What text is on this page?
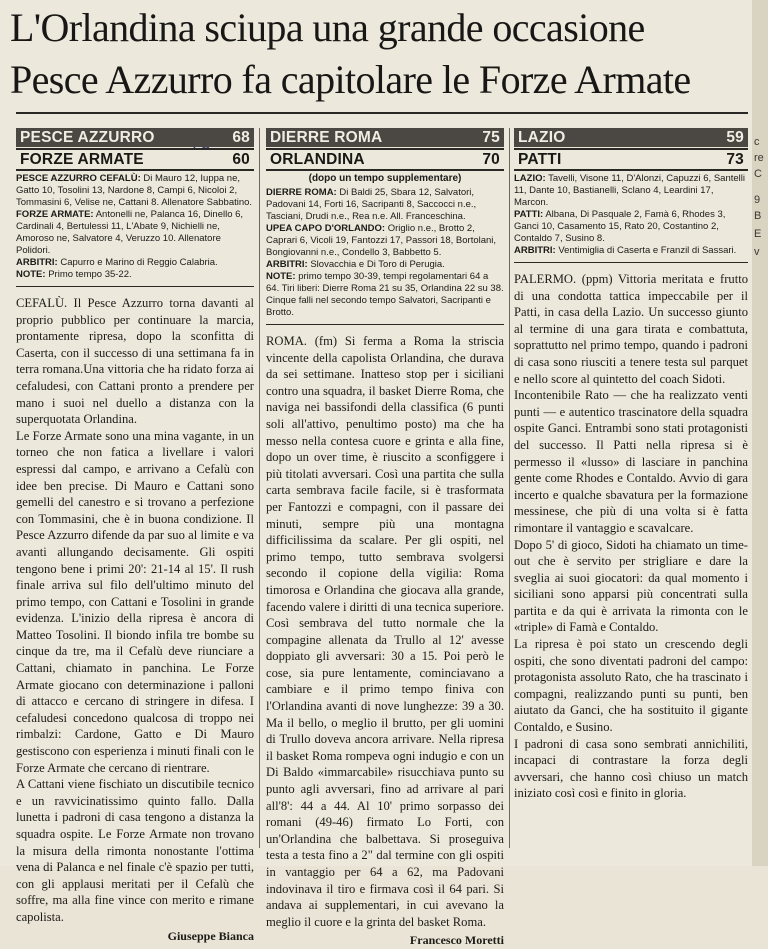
L'Orlandina sciupa una grande occasione
Pesce Azzurro fa capitolare le Forze Armate
PESCE AZZURRO	68
FORZE ARMATE	60

PESCE AZZURRO CEFALÙ: Di Mauro 12, Iuppa ne, Gatto 10, Tosolini 13, Nardone 8, Campi 6, Nicoloi 2, Tommasini 6, Velise ne, Cattani 8. Allenatore Sabbatino.

FORZE ARMATE: Antonelli ne, Palanca 16, Dinello 6, Cardinali 4, Bertulessi 11, L'Abate 9, Nichielli ne, Amoroso ne, Salvatore 4, Veruzzo 10. Allenatore Polidori.

ARBITRI: Capurro e Marino di Reggio Calabria.

NOTE: Primo tempo 35-22.

CEFALÙ. Il Pesce Azzurro torna davanti al proprio pubblico per continuare la marcia, prontamente ripresa, dopo la sconfitta di Caserta, con il successo di una settimana fa in terra romana.Una vittoria che ha ridato forza ai cefaludesi, con Cattani pronto a prendere per mano i suoi nel duello a distanza con la superquotata Orlandina.

Le Forze Armate sono una mina vagante, in un torneo che non fatica a livellare i valori espressi dal campo, e arrivano a Cefalù con idee ben precise. Di Mauro e Cattani sono gemelli del canestro e si trovano a perfezione con Tommasini, che è in buona condizione. Il Pesce Azzurro difende da par suo al limite e va avanti allungando decisamente. Gli ospiti tengono bene i primi 20': 21-14 al 15'. Il rush finale arriva sul filo dell'ultimo minuto del primo tempo, con Cattani e Tosolini in grande evidenza. L'inizio della ripresa è ancora di Matteo Tosolini. Il biondo infila tre bombe su cinque da tre, ma il Cefalù deve riunciare a Cattani, chiamato in panchina. Le Forze Armate giocano con determinazione i palloni di attacco e cercano di stringere in difesa. I cefaludesi concedono qualcosa di troppo nei rimbalzi: Cardone, Gatto e Di Mauro gestiscono con esperienza i minuti finali con le Forze Armate che cercano di rientrare.

A Cattani viene fischiato un discutibile tecnico e un ravvicinatissimo quinto fallo. Dalla lunetta i padroni di casa tengono a distanza la squadra ospite. Le Forze Armate non trovano la misura della rimonta nonostante l'ottima vena di Palanca e nel finale c'è spazio per tutti, con gli applausi meritati per il Cefalù che soffre, ma alla fine vince con merito e rimane capolista.

Giuseppe Bianca
DIERRE ROMA	75
ORLANDINA	70
(dopo un tempo supplementare)

DIERRE ROMA: Di Baldi 25, Sbara 12, Salvatori, Padovani 14, Forti 16, Sacripanti 8, Saccocci n.e., Tasciani, Drudi n.e., Rea n.e. All. Franceschina.

UPEA CAPO D'ORLANDO: Origlio n.e., Brotto 2, Caprari 6, Vicoli 19, Fantozzi 17, Passori 18, Bortolani, Bongiovanni n.e., Condello 3, Babbetto 5.

ARBITRI: Slovacchia e Di Toro di Perugia.

NOTE: primo tempo 30-39, tempi regolamentari 64 a 64. Tiri liberi: Dierre Roma 21 su 35, Orlandina 22 su 38. Cinque falli nel secondo tempo Salvatori, Sacripanti e Brotto.

ROMA. (fm) Si ferma a Roma la striscia vincente della capolista Orlandina, che durava da sei settimane. Inatteso stop per i siciliani contro una squadra, il basket Dierre Roma, che naviga nei bassifondi della classifica (6 punti soli all'attivo, penultimo posto) ma che ha messo nella contesa cuore e grinta e alla fine, dopo un over time, è riuscito a sconfiggere i più titolati avversari. Così una partita che sulla carta sembrava facile facile, si è trasformata per Fantozzi e compagni, con il passare dei minuti, sempre più una montagna difficilissima da scalare. Per gli ospiti, nel primo tempo, tutto sembrava svolgersi secondo il copione della vigilia: Roma timorosa e Orlandina che giocava alla grande, facendo valere i diritti di una tecnica superiore. Così sembrava del tutto normale che la compagine allenata da Trullo al 12' avesse doppiato gli avversari: 30 a 15. Poi però le cose, sia pure lentamente, cominciavano a cambiare e il primo tempo finiva con l'Orlandina avanti di nove lunghezze: 39 a 30. Ma il bello, o meglio il brutto, per gli uomini di Trullo doveva ancora arrivare. Nella ripresa il basket Roma rompeva ogni indugio e con un Di Baldo «immarcabile» risucchiava punto su punto agli avversari, fino ad arrivare al pari all'8': 44 a 44. Al 10' primo sorpasso dei romani (49-46) firmato Lo Forti, con un'Orlandina che balbettava. Si proseguiva testa a testa fino a 2" dal termine con gli ospiti in vantaggio per 64 a 62, ma Padovani indovinava il tiro e firmava così il 64 pari. Si andava ai supplementari, in cui avevano la meglio il cuore e la grinta del basket Roma.

Francesco Moretti
LAZIO	59
PATTI	73

LAZIO: Tavelli, Visone 11, D'Alonzi, Capuzzi 6, Santelli 11, Dante 10, Bastianelli, Sclano 4, Leardini 17, Marcon.

PATTI: Albana, Di Pasquale 2, Famà 6, Rhodes 3, Ganci 10, Casamento 15, Rato 20, Costantino 2, Contaldo 7, Susino 8.

ARBITRI: Ventimiglia di Caserta e Franzil di Sassari.

PALERMO. (ppm) Vittoria meritata e frutto di una condotta tattica impeccabile per il Patti, in casa della Lazio. Un successo giunto al termine di una gara tirata e combattuta, soprattutto nel primo tempo, quando i padroni di casa sono riusciti a tenere testa sul parquet e nello score al quintetto del coach Sidoti.

Incontenibile Rato — che ha realizzato venti punti — e autentico trascinatore della squadra ospite Ganci. Entrambi sono stati protagonisti del successo. Il Patti nella ripresa si è permesso il «lusso» di lasciare in panchina gente come Rhodes e Contaldo. Avvio di gara incerto e qualche sbavatura per la formazione messinese, che più di una volta si è fatta rimontare il vantaggio e scavalcare.

Dopo 5' di gioco, Sidoti ha chiamato un time-out che è servito per strigliare e dare la sveglia ai suoi giocatori: da qual momento i siciliani sono apparsi più concentrati sulla partita e da qui è arrivata la rimonta con le «triple» di Famà e Contaldo.

La ripresa è poi stato un crescendo degli ospiti, che sono diventati padroni del campo: protagonista assoluto Rato, che ha trascinato i compagni, realizzando punti su punti, ben aiutato da Ganci, che ha sostituito il gigante Contaldo, e Susino.

I padroni di casa sono sembrati annichiliti, incapaci di contrastare la forza degli avversari, che hanno così chiuso un match iniziato così così e finito in gloria.

c
re
C
9
B
E
v
